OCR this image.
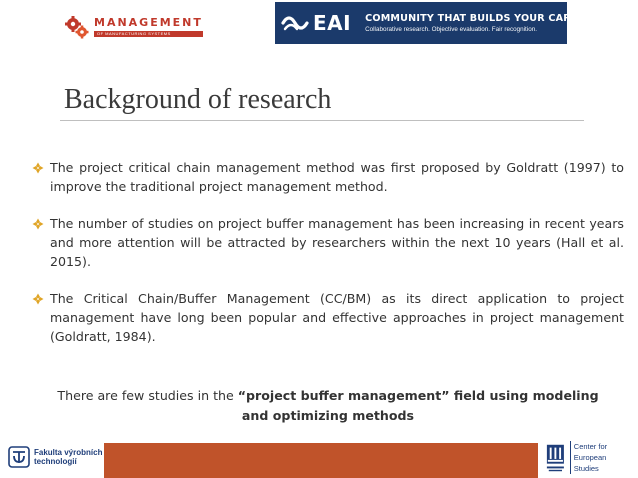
MANAGEMENT
OF MANUFACTURING SYSTEMS	EAI COMMUNITY THAT BUILDS YOUR CAREER
Collaborative research. Objective evaluation. Fair recognition.
Background of research
The project critical chain management method was first proposed by Goldratt (1997) to improve the traditional project management method.
The number of studies on project buffer management has been increasing in recent years and more attention will be attracted by researchers within the next 10 years (Hall et al. 2015).
The Critical Chain/Buffer Management (CC/BM) as its direct application to project management have long been popular and effective approaches in project management (Goldratt, 1984).
There are few studies in the “project buffer management” field using modeling and optimizing methods
Fakulta výrobních
technologií
Center for European
Studies
